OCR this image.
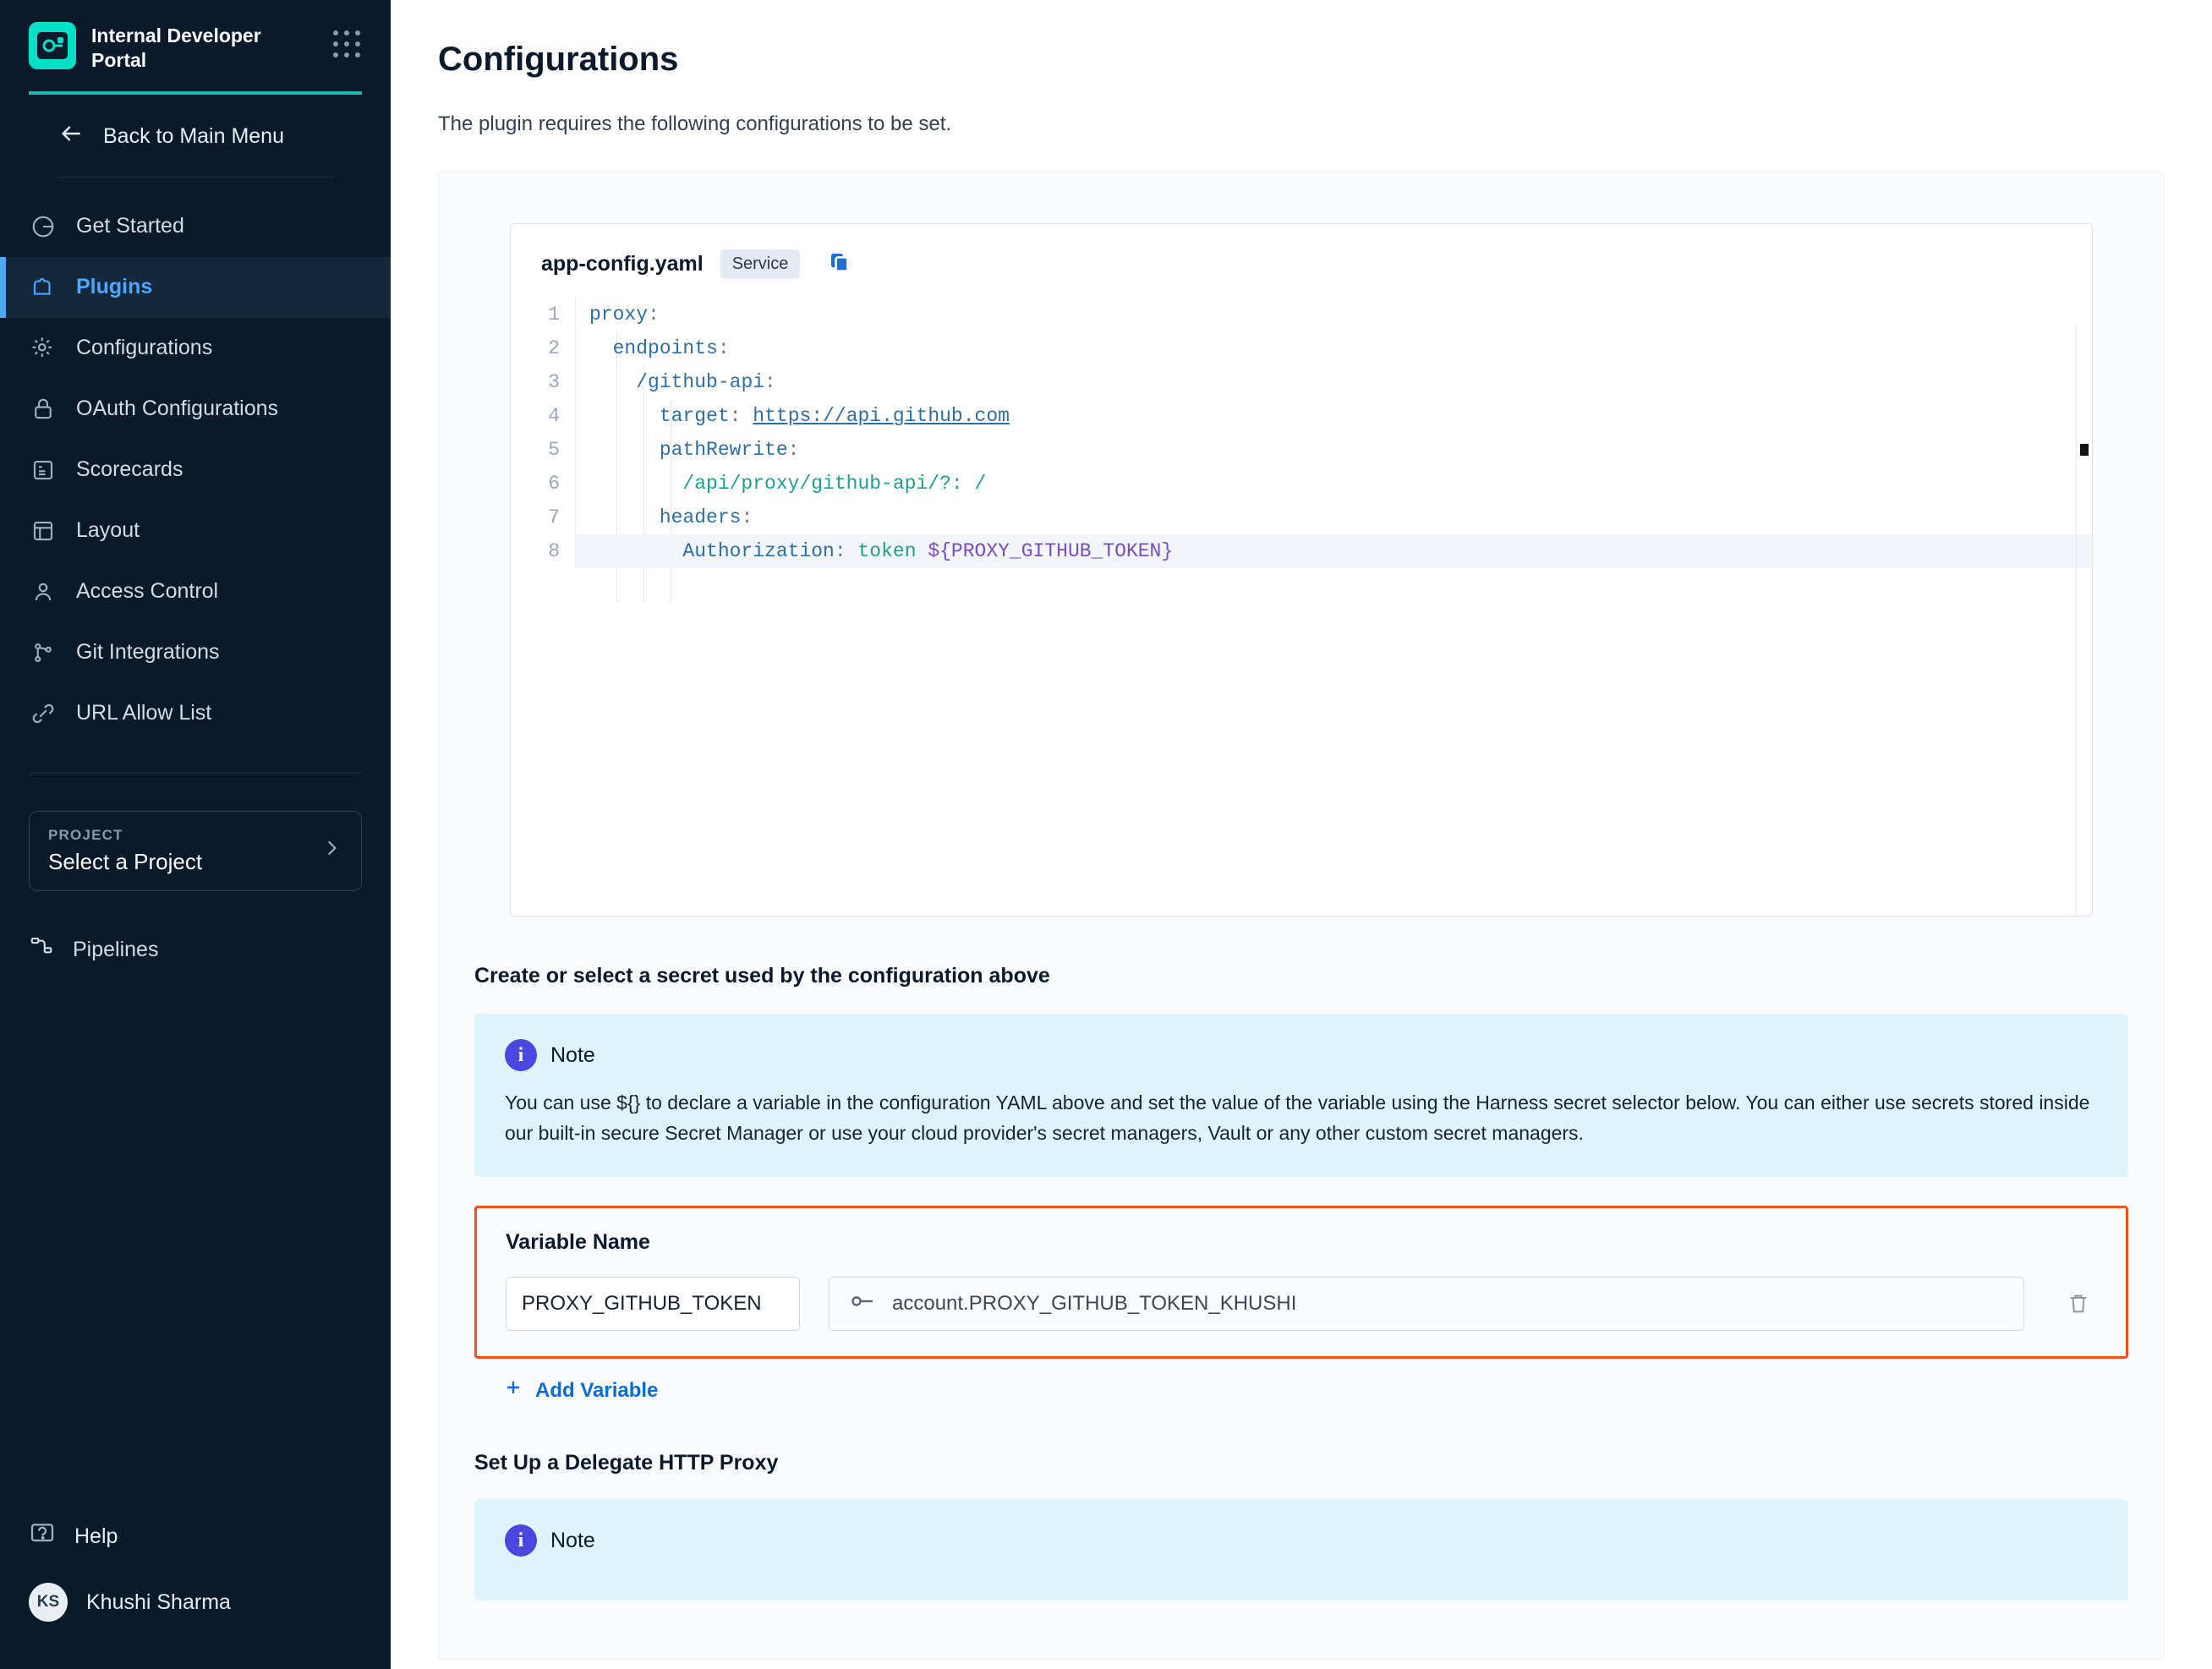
Internal Developer Portal
Back to Main Menu
Get Started
Plugins
Configurations
OAuth Configurations
Scorecards
Layout
Access Control
Git Integrations
URL Allow List
PROJECT
Select a Project
Pipelines
Help
KS	Khushi Sharma
Configurations

The plugin requires the following configurations to be set.

app-config.yaml	Service
1
2
3
4
5
6
7
8
proxy:
endpoints:
/github-api:
target: https://api.github.com
pathRewrite:
/api/proxy/github-api/?: /
headers:
Authorization: token ${PROXY_GITHUB_TOKEN}
Create or select a secret used by the configuration above
i	Note
You can use ${} to declare a variable in the configuration YAML above and set the value of the variable using the Harness secret selector below. You can either use secrets stored inside our built-in secure Secret Manager or use your cloud provider's secret managers, Vault or any other custom secret managers.
Variable Name
PROXY_GITHUB_TOKEN	account.PROXY_GITHUB_TOKEN_KHUSHI
Add Variable
Set Up a Delegate HTTP Proxy
i	Note
